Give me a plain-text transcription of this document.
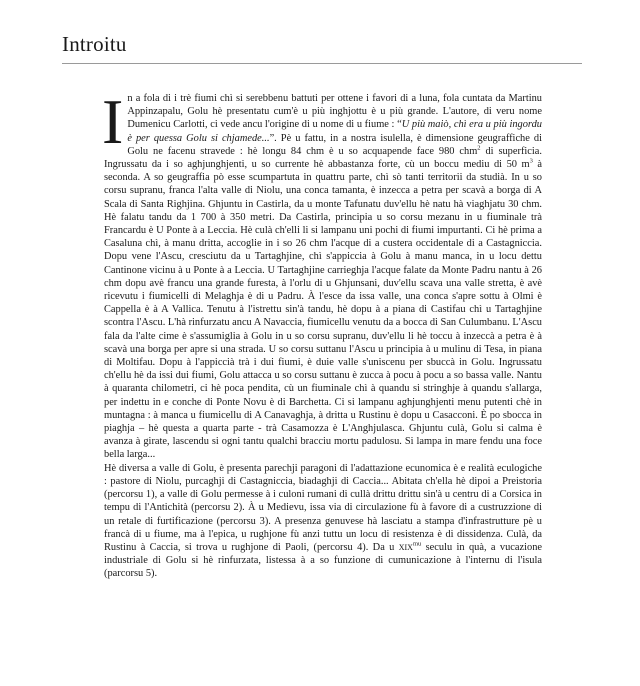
Introitu

In a fola di i trè fiumi chì si serebbenu battuti per ottene i favori di a luna, fola cuntata da Martinu Appinzapalu, Golu hè presentatu cum'è u più inghjottu è u più grande. L'autore, di veru nome Dumenicu Carlotti, ci vede ancu l'origine di u nome di u fiume : “U più maiò, chì era u più ingordu è per quessa Golu si chjamede...”. Pè u fattu, in a nostra isulella, è dimensione geugraffiche di Golu ne facenu stravede : hè longu 84 chm è u so acquapende face 980 chm$^2$ di superficia. Ingrussatu da i so aghjunghjenti, u so currente hè abbastanza forte, cù un boccu mediu di 50 $m^3$ à seconda. A so geugraffia pò esse scumpartuta in quattru parte, chì sò tanti territorii da studià. In u so corsu supranu, franca l'alta valle di Niolu, una conca tamanta, è inzecca a petra per scavà a borga di A Scala di Santa Righjina. Ghjuntu in Castirla, da u monte Tafunatu duv'ellu hè natu hà viaghjatu 30 chm. Hè falatu tandu da 1 700 à 350 metri. Da Castirla, principia u so corsu mezanu in u fiuminale trà Francardu è U Ponte à a Leccia. Hè culà ch'elli li si lampanu uni pochi di fiumi impurtanti. Ci hè prima a Casaluna chì, à manu dritta, accoglie in i so 26 chm l'acque di a custera occidentale di a Castagniccia. Dopu vene l'Ascu, cresciutu da u Tartaghjine, chì s'appiccia à Golu à manu manca, in u locu dettu Cantinone vicinu à u Ponte à a Leccia. U Tartaghjine carrieghja l'acque falate da Monte Padru nantu à 26 chm dopu avè francu una grande furesta, à l'orlu di u Ghjunsani, duv'ellu scava una valle stretta, è avè ricevutu i fiumicelli di Melaghja è di u Padru. À l'esce da issa valle, una conca s'apre sottu à Olmi è Cappella è à A Vallica. Tenutu à l'istrettu sin'à tandu, hè dopu à a piana di Castifau chì u Tartaghjine scontra l'Ascu. L'hà rinfurzatu ancu A Navaccia, fiumicellu venutu da a bocca di San Culumbanu. L'Ascu fala da l'alte cime è s'assumiglia à Golu in u so corsu supranu, duv'ellu li hè toccu à inzeccà a petra è à scavà una borga per apre si una strada. U so corsu suttanu l'Ascu u principia à u mulinu di Tesa, in piana di Moltifau. Dopu à l'appiccià trà i dui fiumi, è duie valle s'uniscenu per sbuccà in Golu. Ingrussatu ch'ellu hè da issi dui fiumi, Golu attacca u so corsu suttanu è zucca à pocu à pocu a so bassa valle. Nantu à quaranta chilometri, ci hè poca pendita, cù un fiuminale chì à quandu si stringhje à quandu s'allarga, per indettu in e conche di Ponte Novu è di Barchetta. Ci si lampanu aghjunghjenti menu putenti chè in muntagna : à manca u fiumicellu di A Canavaghja, à dritta u Rustinu è dopu u Casacconi. È po sbocca in piaghja – hè questa a quarta parte - trà Casamozza è L'Anghjulasca. Ghjuntu culà, Golu si calma è avanza à girate, lascendu si ogni tantu qualchi bracciu mortu padulosu. Si lampa in mare fendu una foce bella larga...

Hè diversa a valle di Golu, è presenta parechji paragoni di l'adattazione ecunomica è e realità eculogiche : pastore di Niolu, purcaghji di Castagniccia, biadaghji di Caccia... Abitata ch'ella hè dipoi a Preistoria (percorsu 1), a valle di Golu permesse à i culoni rumani di cullà drittu drittu sin'à u centru di a Corsica in tempu di l'Antichità (percorsu 2). À u Medievu, issa via di circulazione fù à favore di a custruzzione di un retale di furtificazione (percorsu 3). A presenza genuvese hà lasciatu a stampa d'infrastrutture pè u francà di u fiume, ma à l'epica, u rughjone fù anzi tuttu un locu di resistenza è di dissidenza. Culà, da Rustinu à Caccia, si trova u rughjone di Paoli, (percorsu 4). Da u $XIX^{mu}$ seculu in quà, a vucazione industriale di Golu si hè rinfurzata, listessa à a so funzione di cumunicazione à l'internu di l'isula (parcorsu 5).
